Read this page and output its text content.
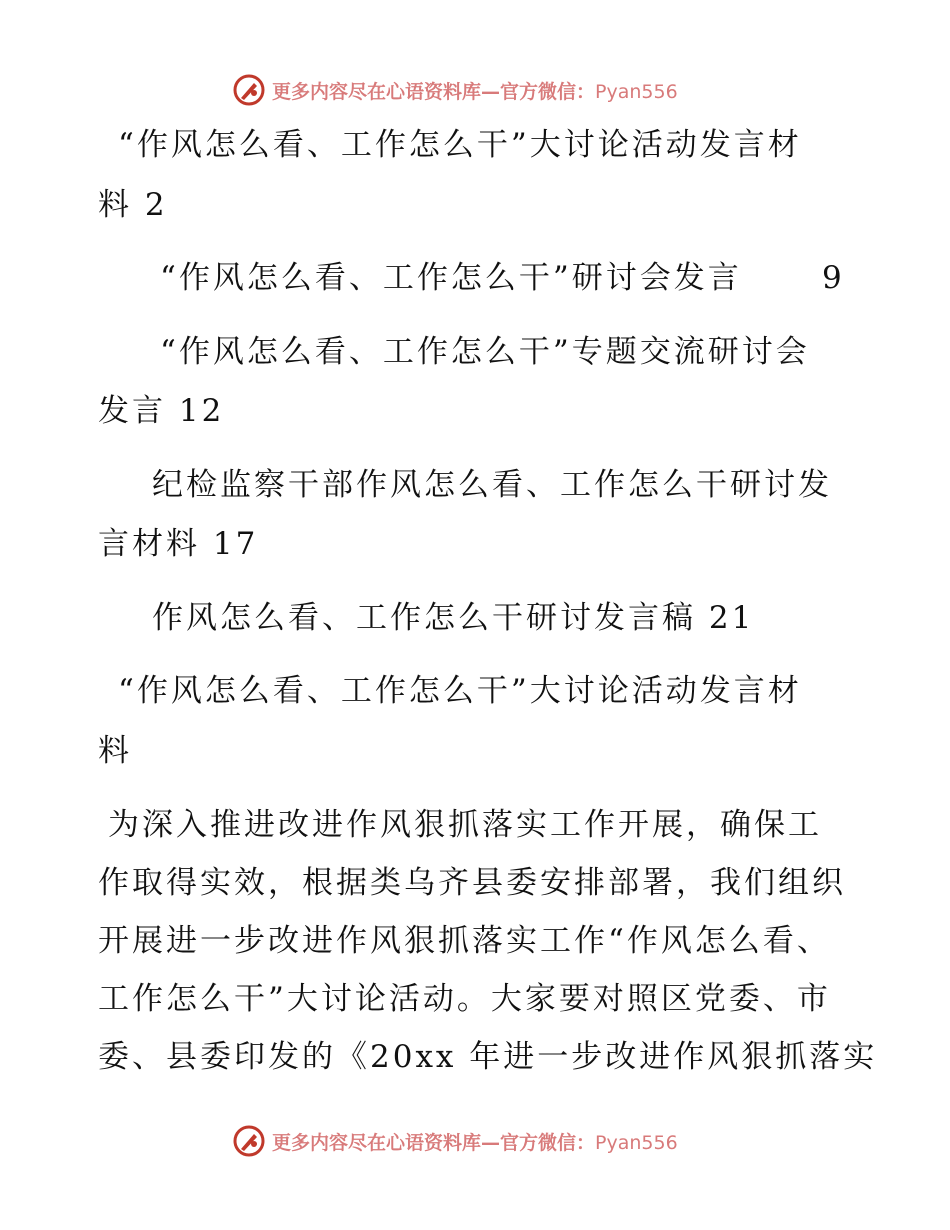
更多内容尽在心语资料库—官方微信：Pyan556
“作风怎么看、工作怎么干”大讨论活动发言材
料 2
“作风怎么看、工作怎么干”研讨会发言	9
“作风怎么看、工作怎么干”专题交流研讨会
发言 12
纪检监察干部作风怎么看、工作怎么干研讨发
言材料 17
作风怎么看、工作怎么干研讨发言稿 21
“作风怎么看、工作怎么干”大讨论活动发言材
料
为深入推进改进作风狠抓落实工作开展，确保工
作取得实效，根据类乌齐县委安排部署，我们组织
开展进一步改进作风狠抓落实工作“作风怎么看、
工作怎么干”大讨论活动。大家要对照区党委、市
委、县委印发的《20xx 年进一步改进作风狠抓落实
更多内容尽在心语资料库—官方微信：Pyan556
